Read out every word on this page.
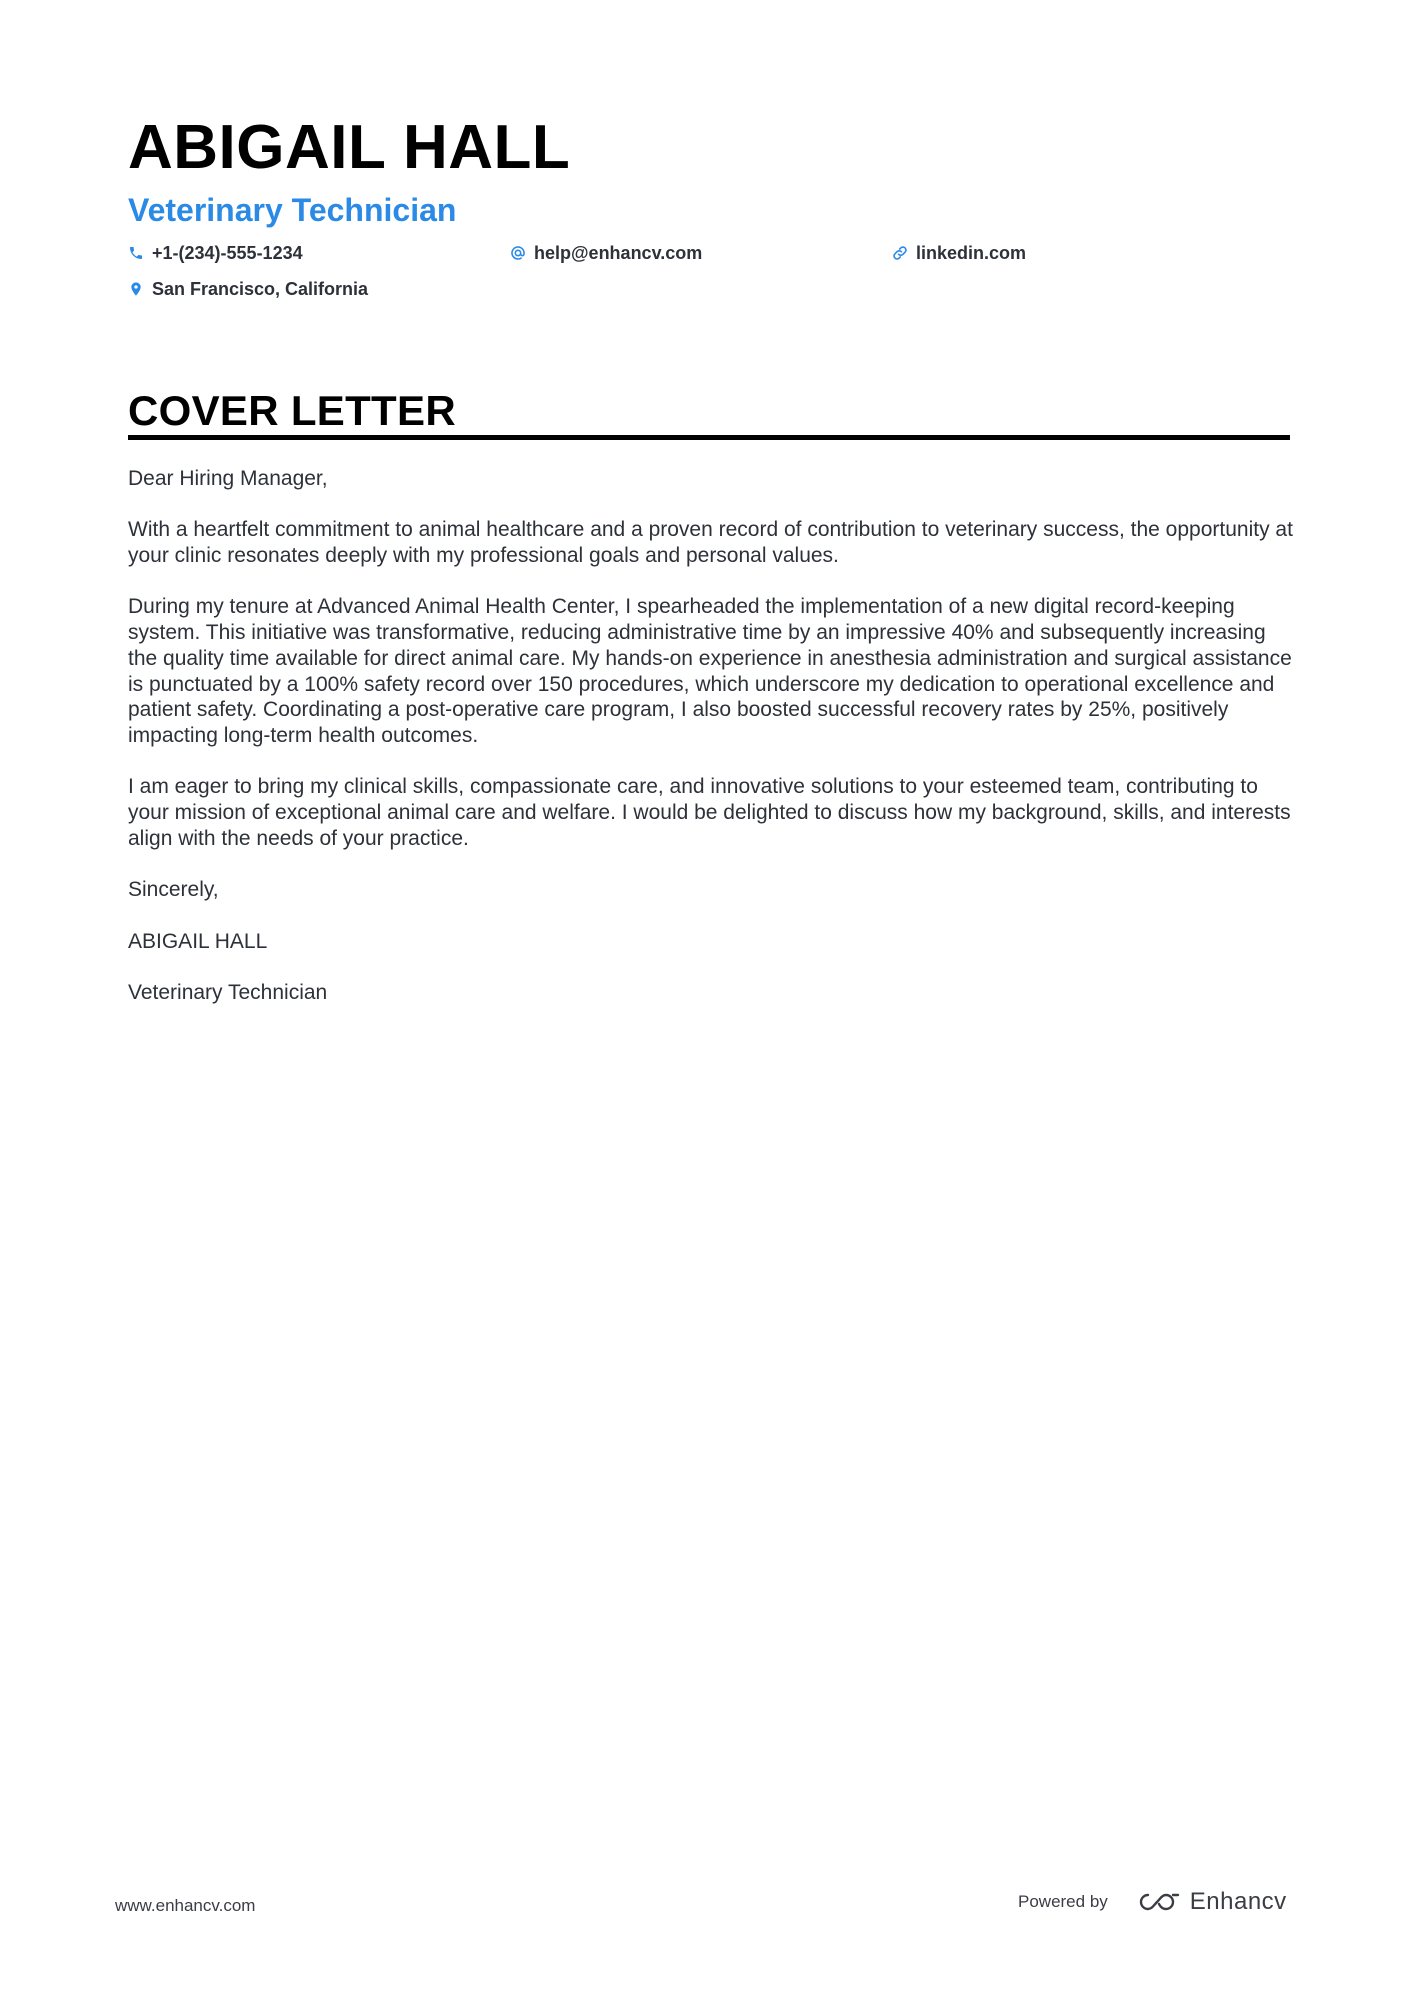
ABIGAIL HALL
Veterinary Technician
+1-(234)-555-1234	help@enhancv.com	linkedin.com
San Francisco, California
COVER LETTER

Dear Hiring Manager,

With a heartfelt commitment to animal healthcare and a proven record of contribution to veterinary success, the opportunity at your clinic resonates deeply with my professional goals and personal values.

During my tenure at Advanced Animal Health Center, I spearheaded the implementation of a new digital record-keeping system. This initiative was transformative, reducing administrative time by an impressive 40% and subsequently increasing the quality time available for direct animal care. My hands-on experience in anesthesia administration and surgical assistance is punctuated by a 100% safety record over 150 procedures, which underscore my dedication to operational excellence and patient safety. Coordinating a post-operative care program, I also boosted successful recovery rates by 25%, positively impacting long-term health outcomes.

I am eager to bring my clinical skills, compassionate care, and innovative solutions to your esteemed team, contributing to your mission of exceptional animal care and welfare. I would be delighted to discuss how my background, skills, and interests align with the needs of your practice.

Sincerely,

ABIGAIL HALL

Veterinary Technician

www.enhancv.com	Powered by	Enhancv
